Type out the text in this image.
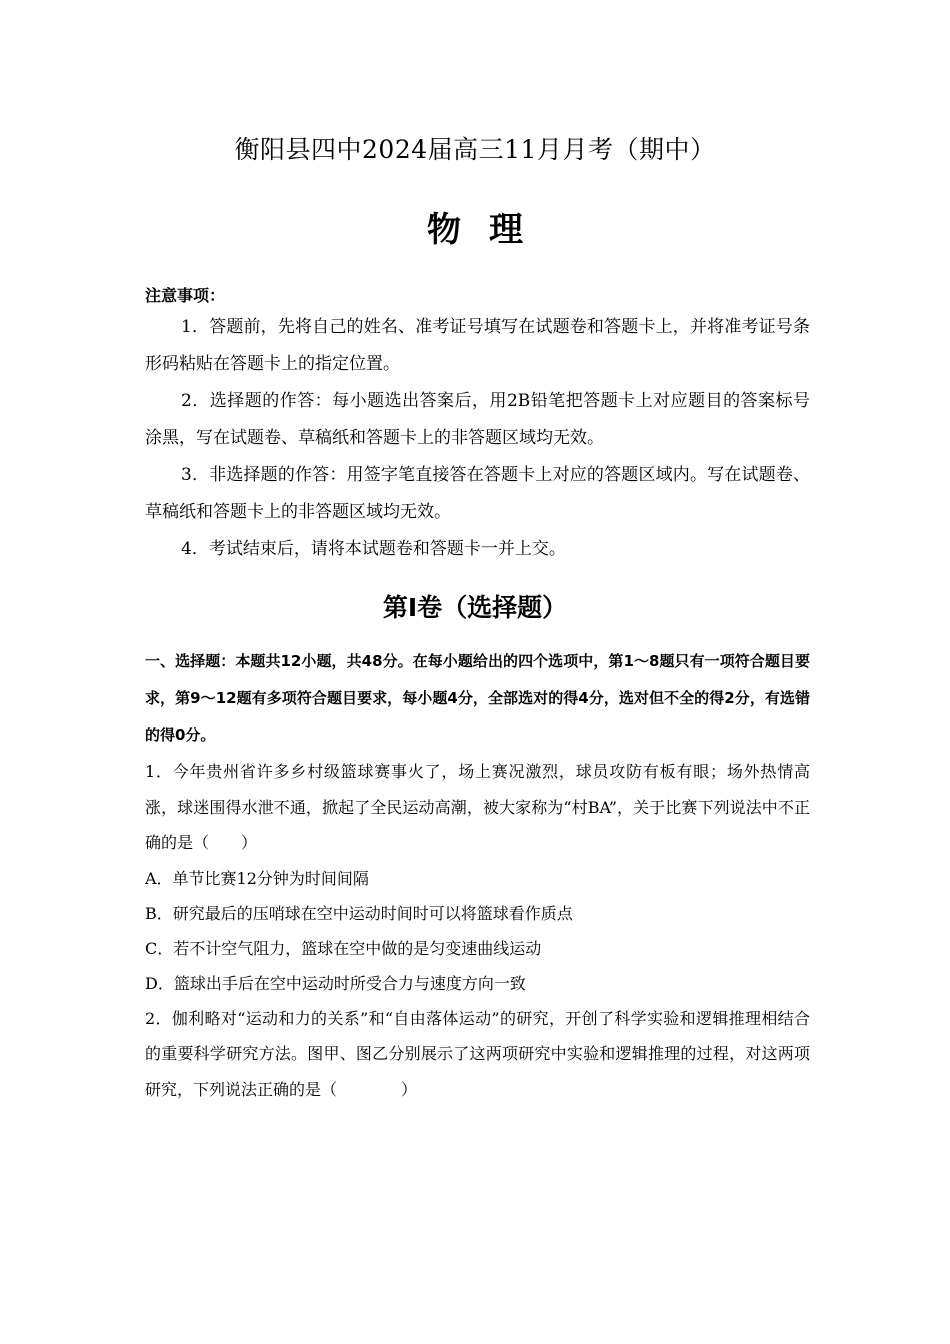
衡阳县四中2024届高三11月月考（期中）
物理

注意事项：

1．答题前，先将自己的姓名、准考证号填写在试题卷和答题卡上，并将准考证号条形码粘贴在答题卡上的指定位置。

2．选择题的作答：每小题选出答案后，用2B铅笔把答题卡上对应题目的答案标号涂黑，写在试题卷、草稿纸和答题卡上的非答题区域均无效。

3．非选择题的作答：用签字笔直接答在答题卡上对应的答题区域内。写在试题卷、草稿纸和答题卡上的非答题区域均无效。

4．考试结束后，请将本试题卷和答题卡一并上交。

第Ⅰ卷（选择题）

一、选择题：本题共12小题，共48分。在每小题给出的四个选项中，第1～8题只有一项符合题目要求，第9～12题有多项符合题目要求，每小题4分，全部选对的得4分，选对但不全的得2分，有选错的得0分。

1．今年贵州省许多乡村级篮球赛事火了，场上赛况激烈，球员攻防有板有眼；场外热情高涨，球迷围得水泄不通，掀起了全民运动高潮，被大家称为“村BA”，关于比赛下列说法中不正确的是（　　）

A．单节比赛12分钟为时间间隔

B．研究最后的压哨球在空中运动时间时可以将篮球看作质点

C．若不计空气阻力，篮球在空中做的是匀变速曲线运动

D．篮球出手后在空中运动时所受合力与速度方向一致

2．伽利略对“运动和力的关系”和“自由落体运动”的研究，开创了科学实验和逻辑推理相结合的重要科学研究方法。图甲、图乙分别展示了这两项研究中实验和逻辑推理的过程，对这两项研究，下列说法正确的是（　　　　）
